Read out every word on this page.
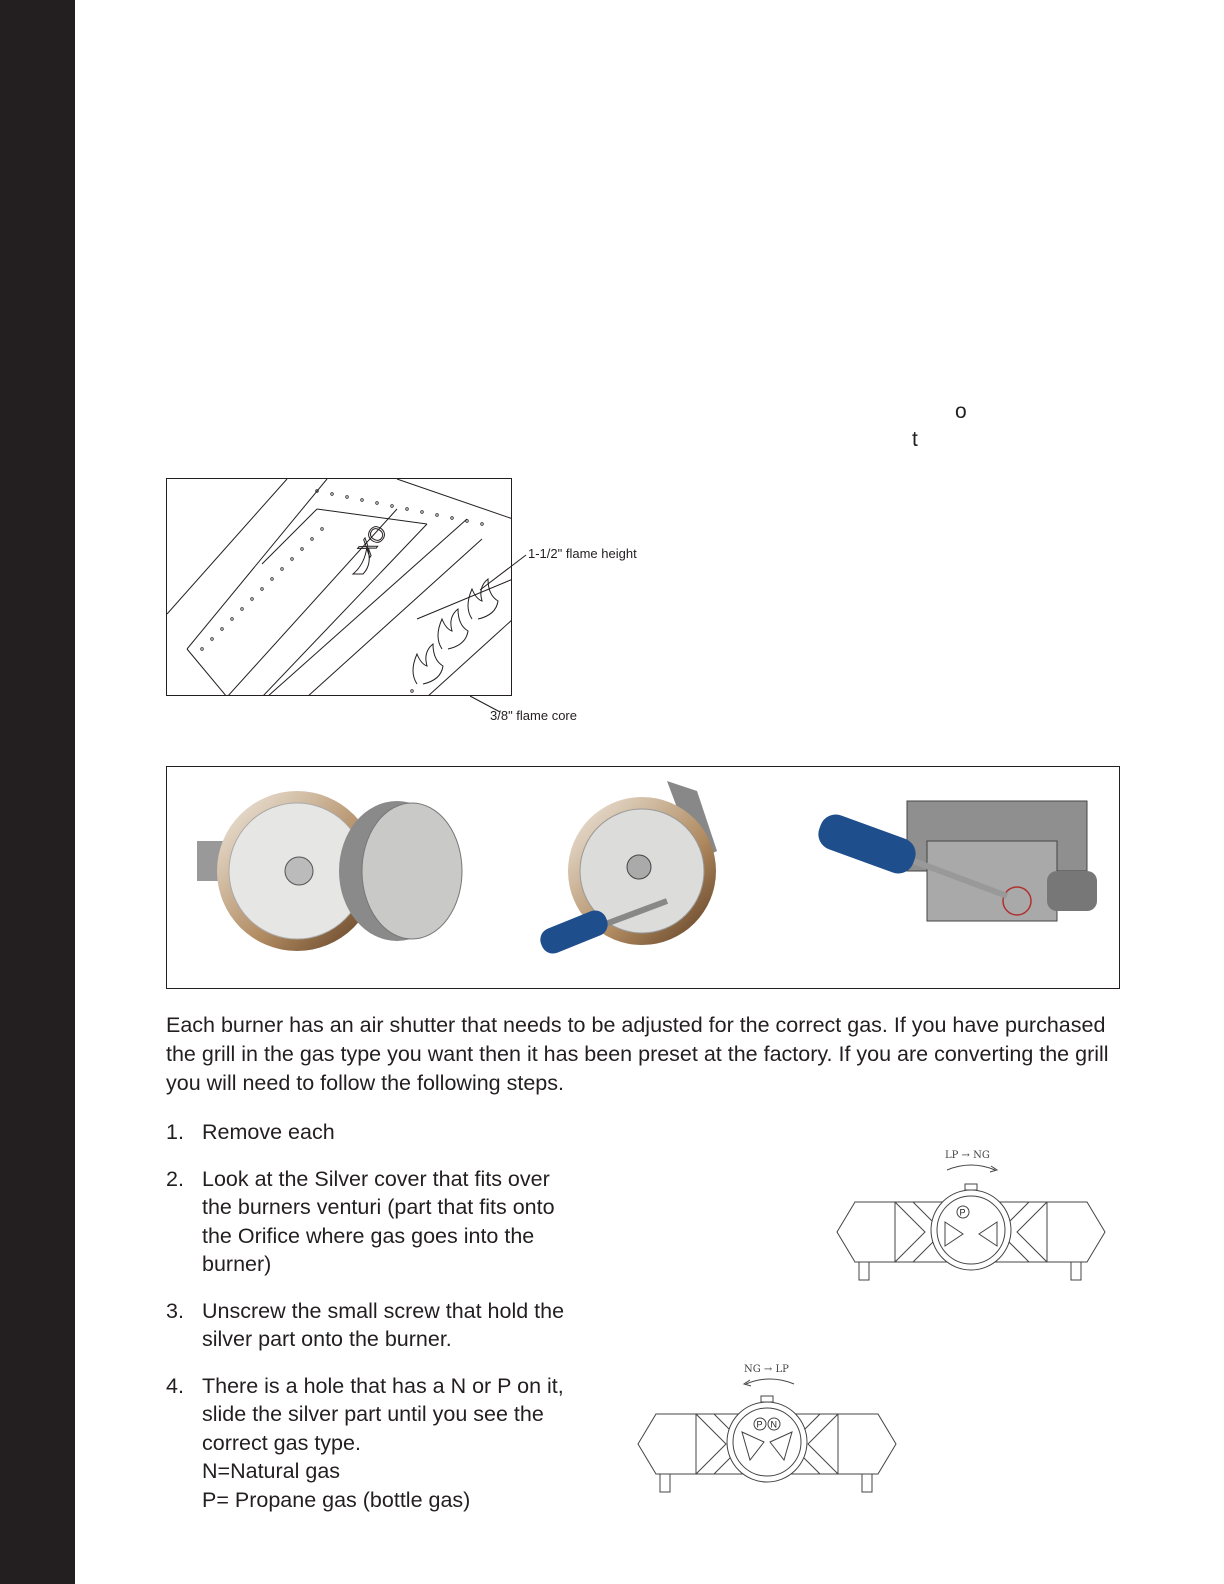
o
t
XO	1-1/2" flame height
3/8" flame core

Each burner has an air shutter that needs to be adjusted for the correct gas. If you have purchased the grill in the gas type you want then it has been preset at the factory. If you are converting the grill you will need to follow the following steps.

1. Remove each
2. Look at the Silver cover that fits over
the burners venturi (part that fits onto
the Orifice where gas goes into the
burner)
3. Unscrew the small screw that hold the
silver part onto the burner.
4. There is a hole that has a N or P on it,
slide the silver part until you see the
correct gas type.
N=Natural gas
P= Propane gas (bottle gas)
LP → NG
P
NG → LP
P N
